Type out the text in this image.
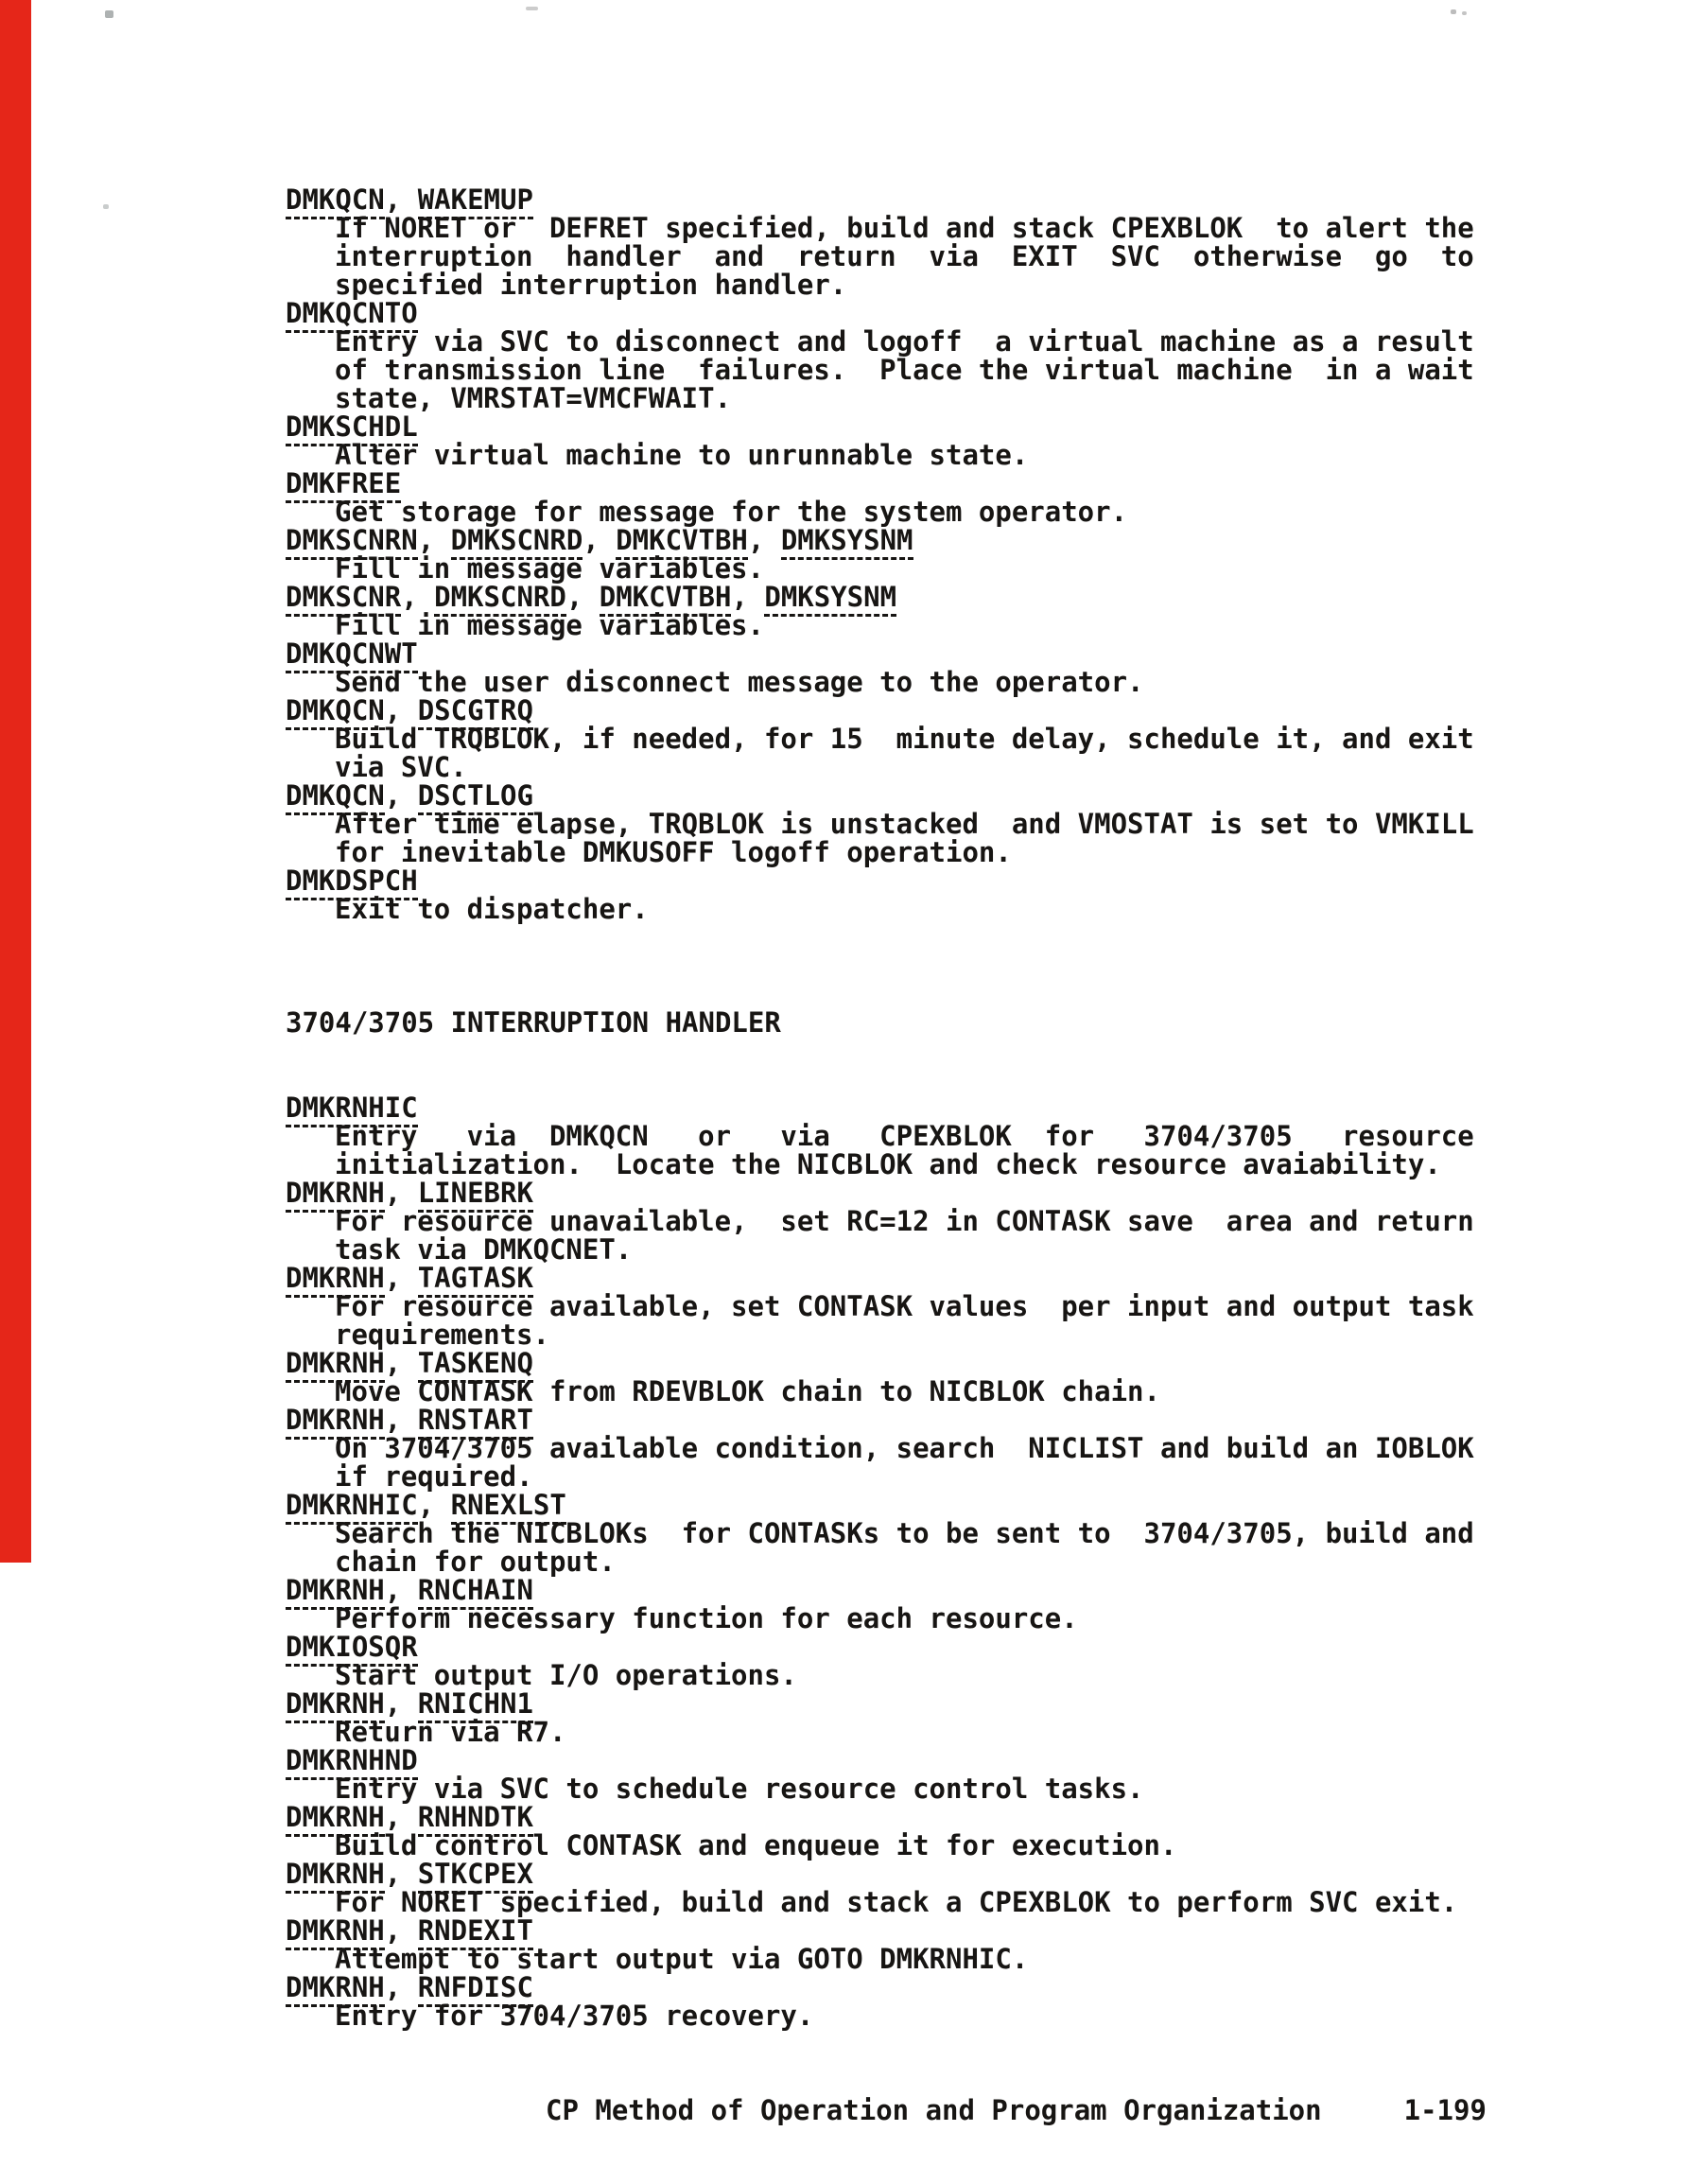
DMKQCN, WAKEMUP
If NORET or  DEFRET specified, build and stack CPEXBLOK  to alert the
interruption  handler  and  return  via  EXIT  SVC  otherwise  go  to
specified interruption handler.
DMKQCNTO
Entry via SVC to disconnect and logoff  a virtual machine as a result
of transmission line  failures.  Place the virtual machine  in a wait
state, VMRSTAT=VMCFWAIT.
DMKSCHDL
Alter virtual machine to unrunnable state.
DMKFREE
Get storage for message for the system operator.
DMKSCNRN, DMKSCNRD, DMKCVTBH, DMKSYSNM
Fill in message variables.
DMKSCNR, DMKSCNRD, DMKCVTBH, DMKSYSNM
Fill in message variables.
DMKQCNWT
Send the user disconnect message to the operator.
DMKQCN, DSCGTRQ
Build TRQBLOK, if needed, for 15  minute delay, schedule it, and exit
via SVC.
DMKQCN, DSCTLOG
After time elapse, TRQBLOK is unstacked  and VMOSTAT is set to VMKILL
for inevitable DMKUSOFF logoff operation.
DMKDSPCH
Exit to dispatcher.
3704/3705 INTERRUPTION HANDLER
DMKRNHIC
Entry   via  DMKQCN   or   via   CPEXBLOK  for   3704/3705   resource
initialization.  Locate the NICBLOK and check resource avaiability.
DMKRNH, LINEBRK
For resource unavailable,  set RC=12 in CONTASK save  area and return
task via DMKQCNET.
DMKRNH, TAGTASK
For resource available, set CONTASK values  per input and output task
requirements.
DMKRNH, TASKENQ
Move CONTASK from RDEVBLOK chain to NICBLOK chain.
DMKRNH, RNSTART
On 3704/3705 available condition, search  NICLIST and build an IOBLOK
if required.
DMKRNHIC, RNEXLST
Search the NICBLOKs  for CONTASKs to be sent to  3704/3705, build and
chain for output.
DMKRNH, RNCHAIN
Perform necessary function for each resource.
DMKIOSQR
Start output I/O operations.
DMKRNH, RNICHN1
Return via R7.
DMKRNHND
Entry via SVC to schedule resource control tasks.
DMKRNH, RNHNDTK
Build control CONTASK and enqueue it for execution.
DMKRNH, STKCPEX
For NORET specified, build and stack a CPEXBLOK to perform SVC exit.
DMKRNH, RNDEXIT
Attempt to start output via GOTO DMKRNHIC.
DMKRNH, RNFDISC
Entry for 3704/3705 recovery.
CP Method of Operation and Program Organization	1-199
